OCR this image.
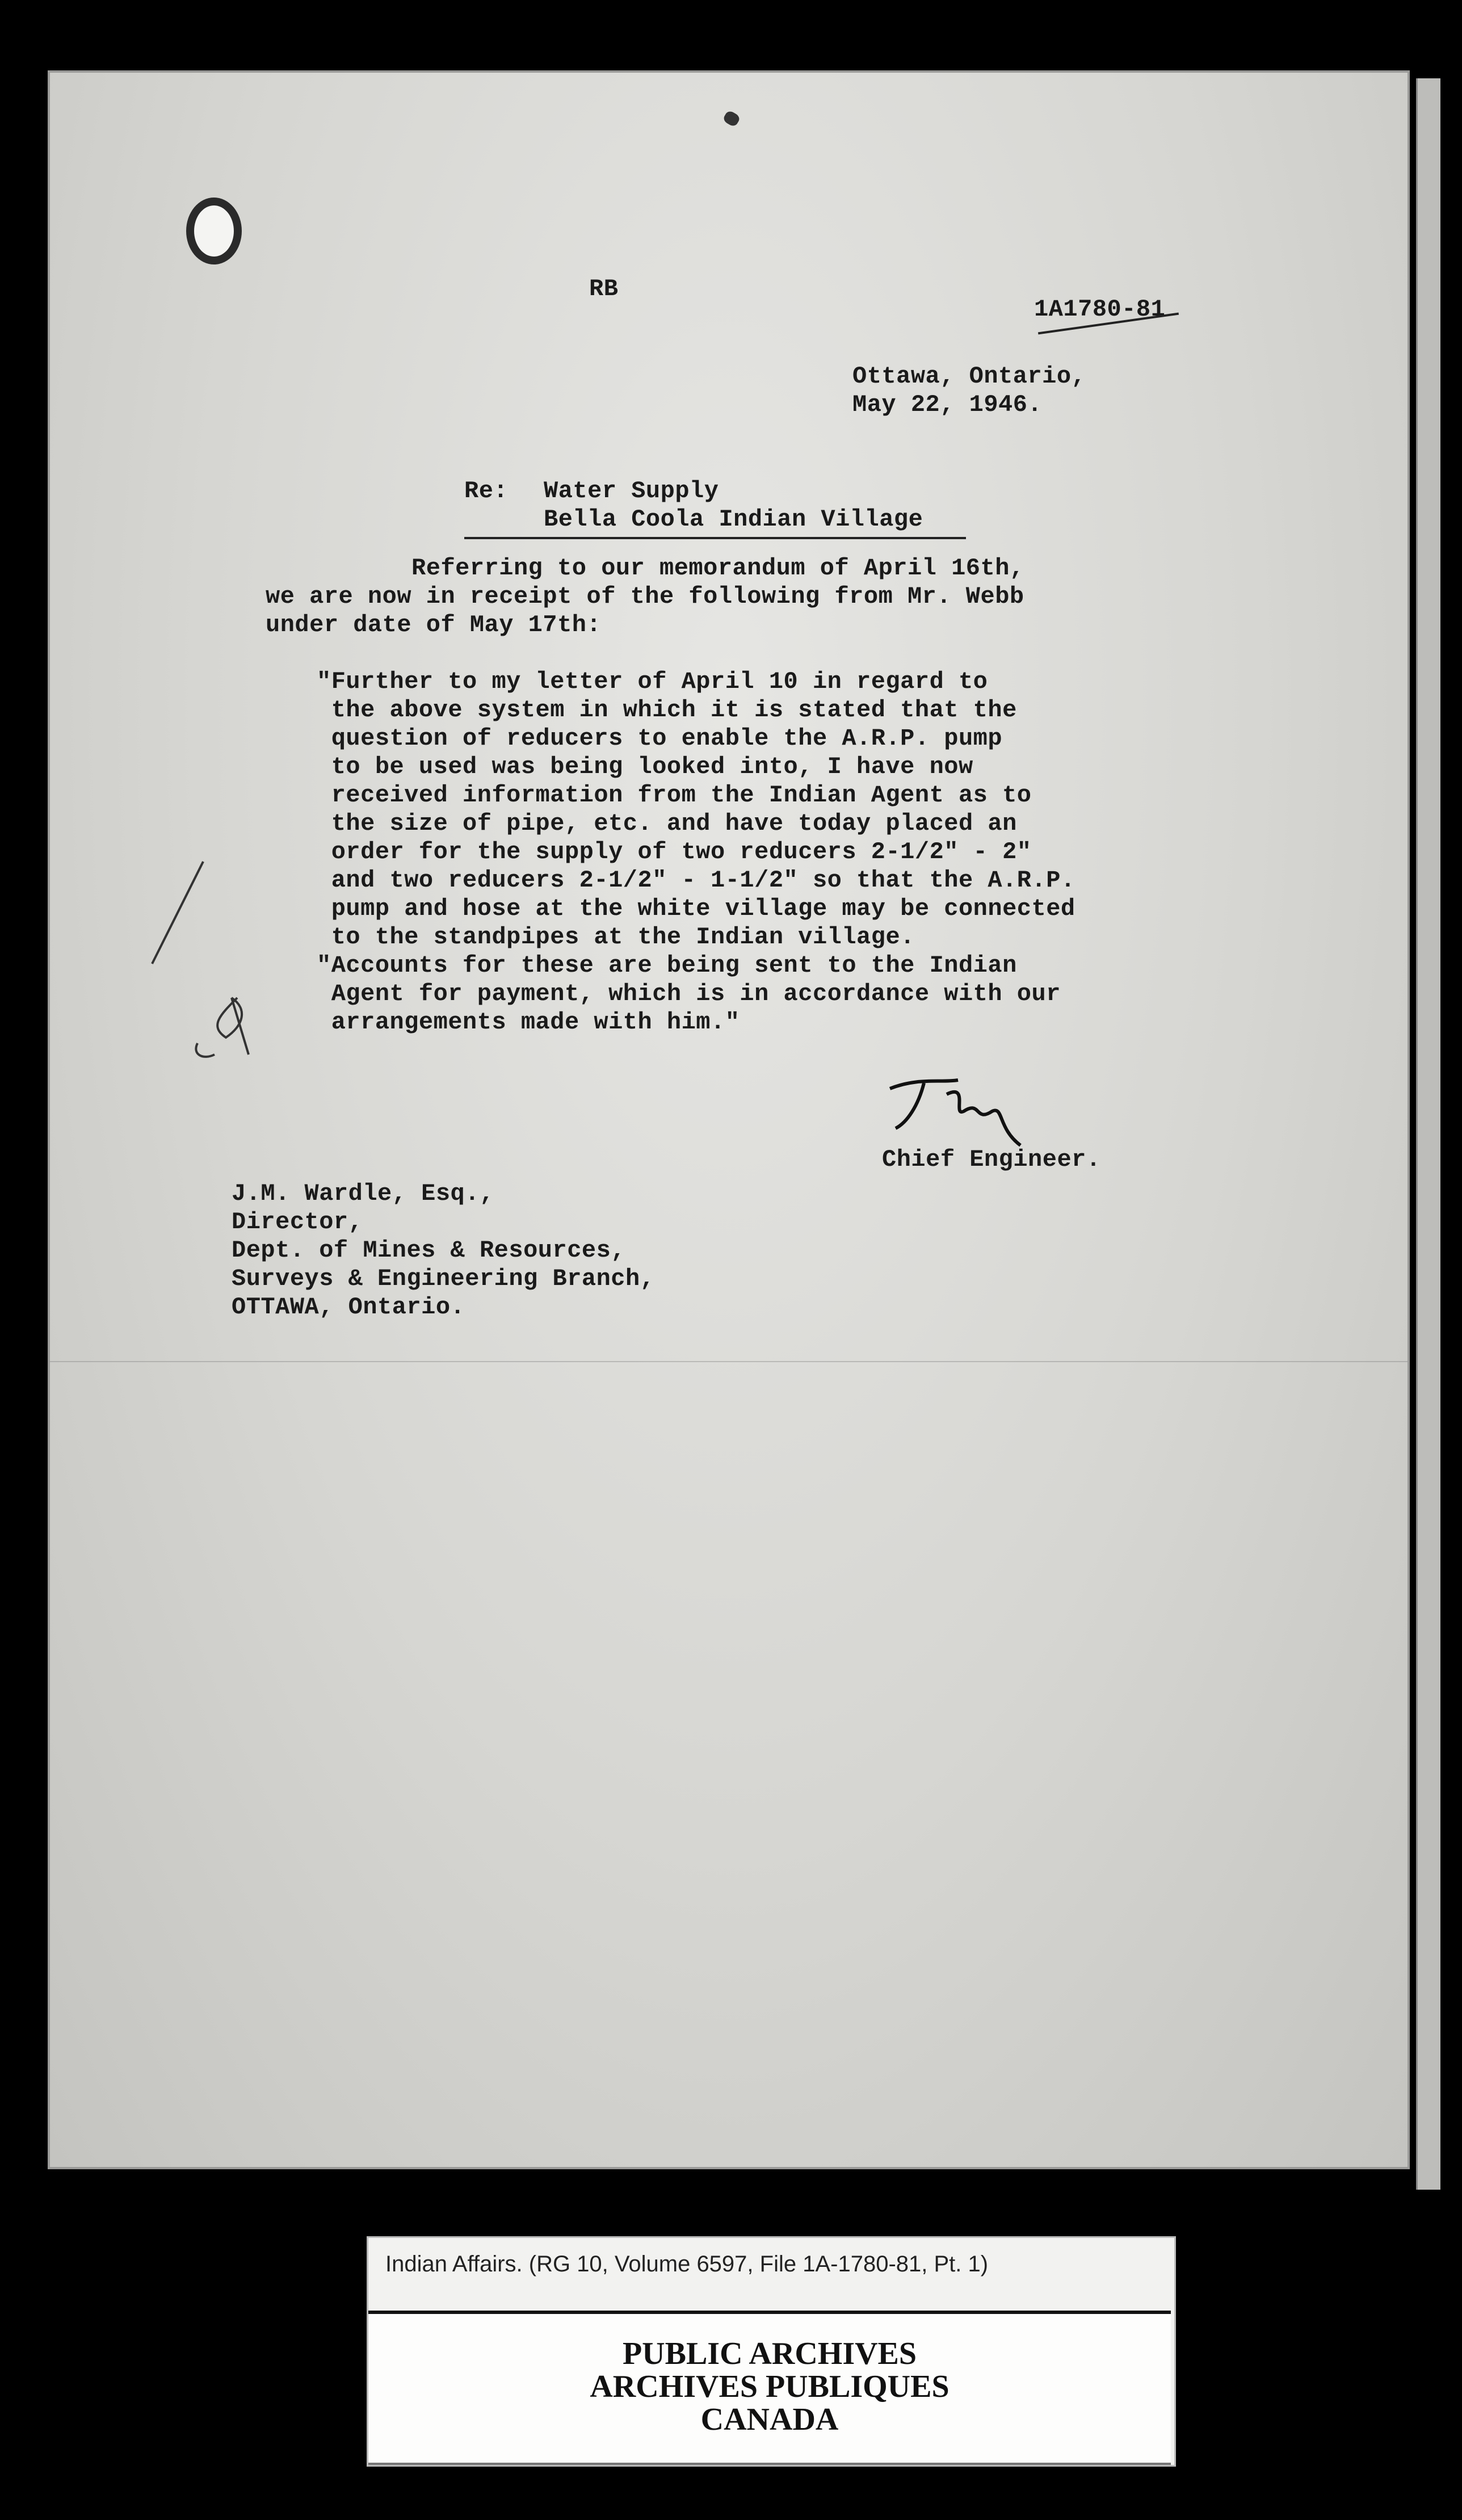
RB
1A1780-81
Ottawa, Ontario,
May 22, 1946.
Re: Water Supply
Bella Coola Indian Village
Referring to our memorandum of April 16th,
we are now in receipt of the following from Mr. Webb
under date of May 17th:
"Further to my letter of April 10 in regard to
the above system in which it is stated that the
question of reducers to enable the A.R.P. pump
to be used was being looked into, I have now
received information from the Indian Agent as to
the size of pipe, etc. and have today placed an
order for the supply of two reducers 2-1/2" - 2"
and two reducers 2-1/2" - 1-1/2" so that the A.R.P.
pump and hose at the white village may be connected
to the standpipes at the Indian village.
"Accounts for these are being sent to the Indian
Agent for payment, which is in accordance with our
arrangements made with him."
Chief Engineer.
J.M. Wardle, Esq.,
Director,
Dept. of Mines & Resources,
Surveys & Engineering Branch,
OTTAWA, Ontario.
Indian Affairs. (RG 10, Volume 6597, File 1A-1780-81, Pt. 1)
PUBLIC ARCHIVES
ARCHIVES PUBLIQUES
CANADA
